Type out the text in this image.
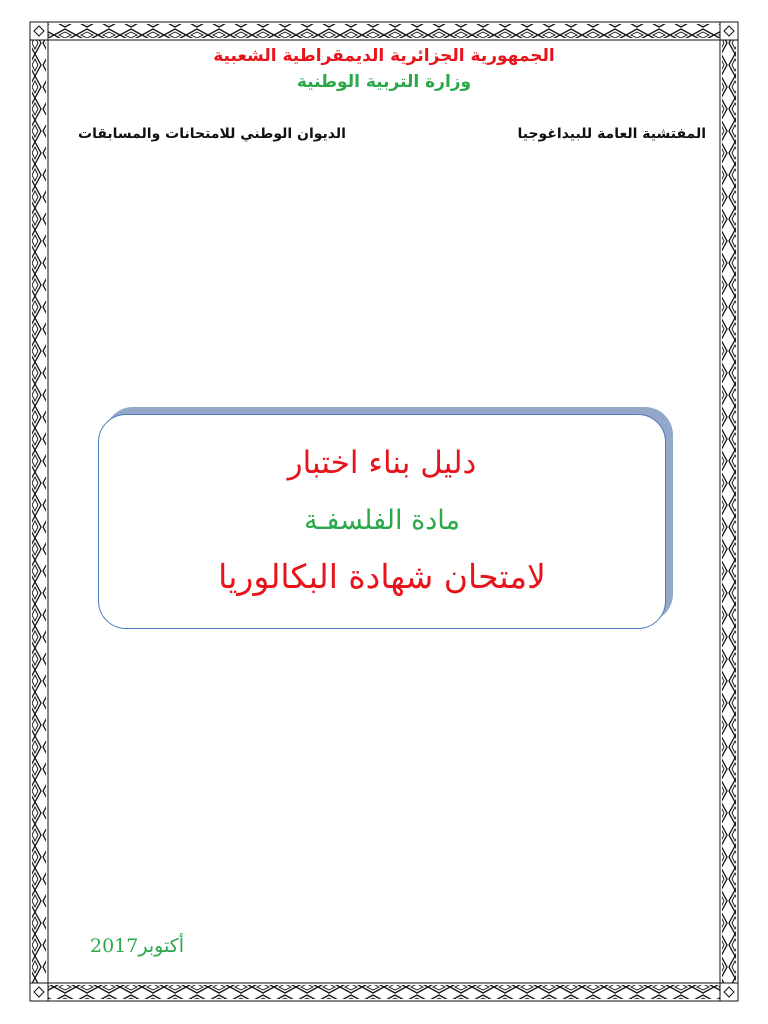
الجمهورية الجزائرية الديمقراطية الشعبية

وزارة التربية الوطنية

المفتشية العامة للبيداغوجيا
الديوان الوطني للامتحانات والمسابقات

دليل بناء اختبار

مادة الفلسفـة

لامتحان شهادة البكالوريا

أكتوبر2017
